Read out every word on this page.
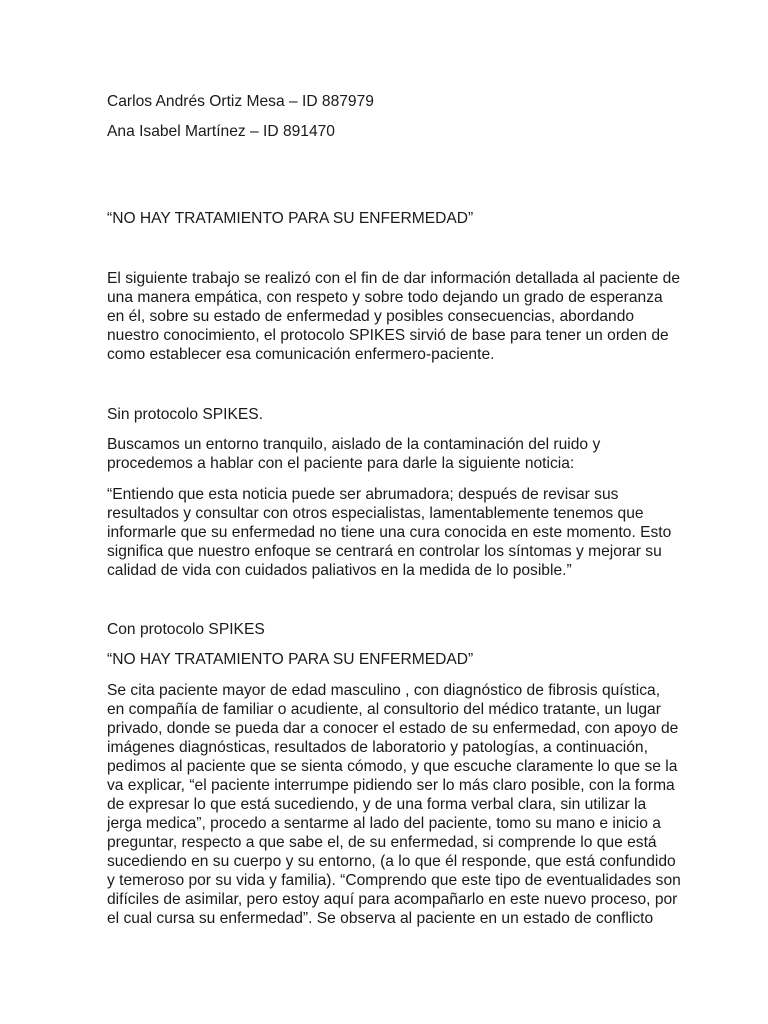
Carlos Andrés Ortiz Mesa – ID 887979

Ana Isabel Martínez – ID 891470

“NO HAY TRATAMIENTO PARA SU ENFERMEDAD”

El siguiente trabajo se realizó con el fin de dar información detallada al paciente de
una manera empática, con respeto y sobre todo dejando un grado de esperanza
en él, sobre su estado de enfermedad y posibles consecuencias, abordando
nuestro conocimiento, el protocolo SPIKES sirvió de base para tener un orden de
como establecer esa comunicación enfermero-paciente.

Sin protocolo SPIKES.

Buscamos un entorno tranquilo, aislado de la contaminación del ruido y
procedemos a hablar con el paciente para darle la siguiente noticia:
“Entiendo que esta noticia puede ser abrumadora; después de revisar sus
resultados y consultar con otros especialistas, lamentablemente tenemos que
informarle que su enfermedad no tiene una cura conocida en este momento. Esto
significa que nuestro enfoque se centrará en controlar los síntomas y mejorar su
calidad de vida con cuidados paliativos en la medida de lo posible.”

Con protocolo SPIKES

“NO HAY TRATAMIENTO PARA SU ENFERMEDAD”

Se cita paciente mayor de edad masculino , con diagnóstico de fibrosis quística,
en compañía de familiar o acudiente, al consultorio del médico tratante, un lugar
privado, donde se pueda dar a conocer el estado de su enfermedad, con apoyo de
imágenes diagnósticas, resultados de laboratorio y patologías, a continuación,
pedimos al paciente que se sienta cómodo, y que escuche claramente lo que se la
va explicar, “el paciente interrumpe pidiendo ser lo más claro posible, con la forma
de expresar lo que está sucediendo, y de una forma verbal clara, sin utilizar la
jerga medica”, procedo a sentarme al lado del paciente, tomo su mano e inicio a
preguntar, respecto a que sabe el, de su enfermedad, si comprende lo que está
sucediendo en su cuerpo y su entorno, (a lo que él responde, que está confundido
y temeroso por su vida y familia). “Comprendo que este tipo de eventualidades son
difíciles de asimilar, pero estoy aquí para acompañarlo en este nuevo proceso, por
el cual cursa su enfermedad”. Se observa al paciente en un estado de conflicto
